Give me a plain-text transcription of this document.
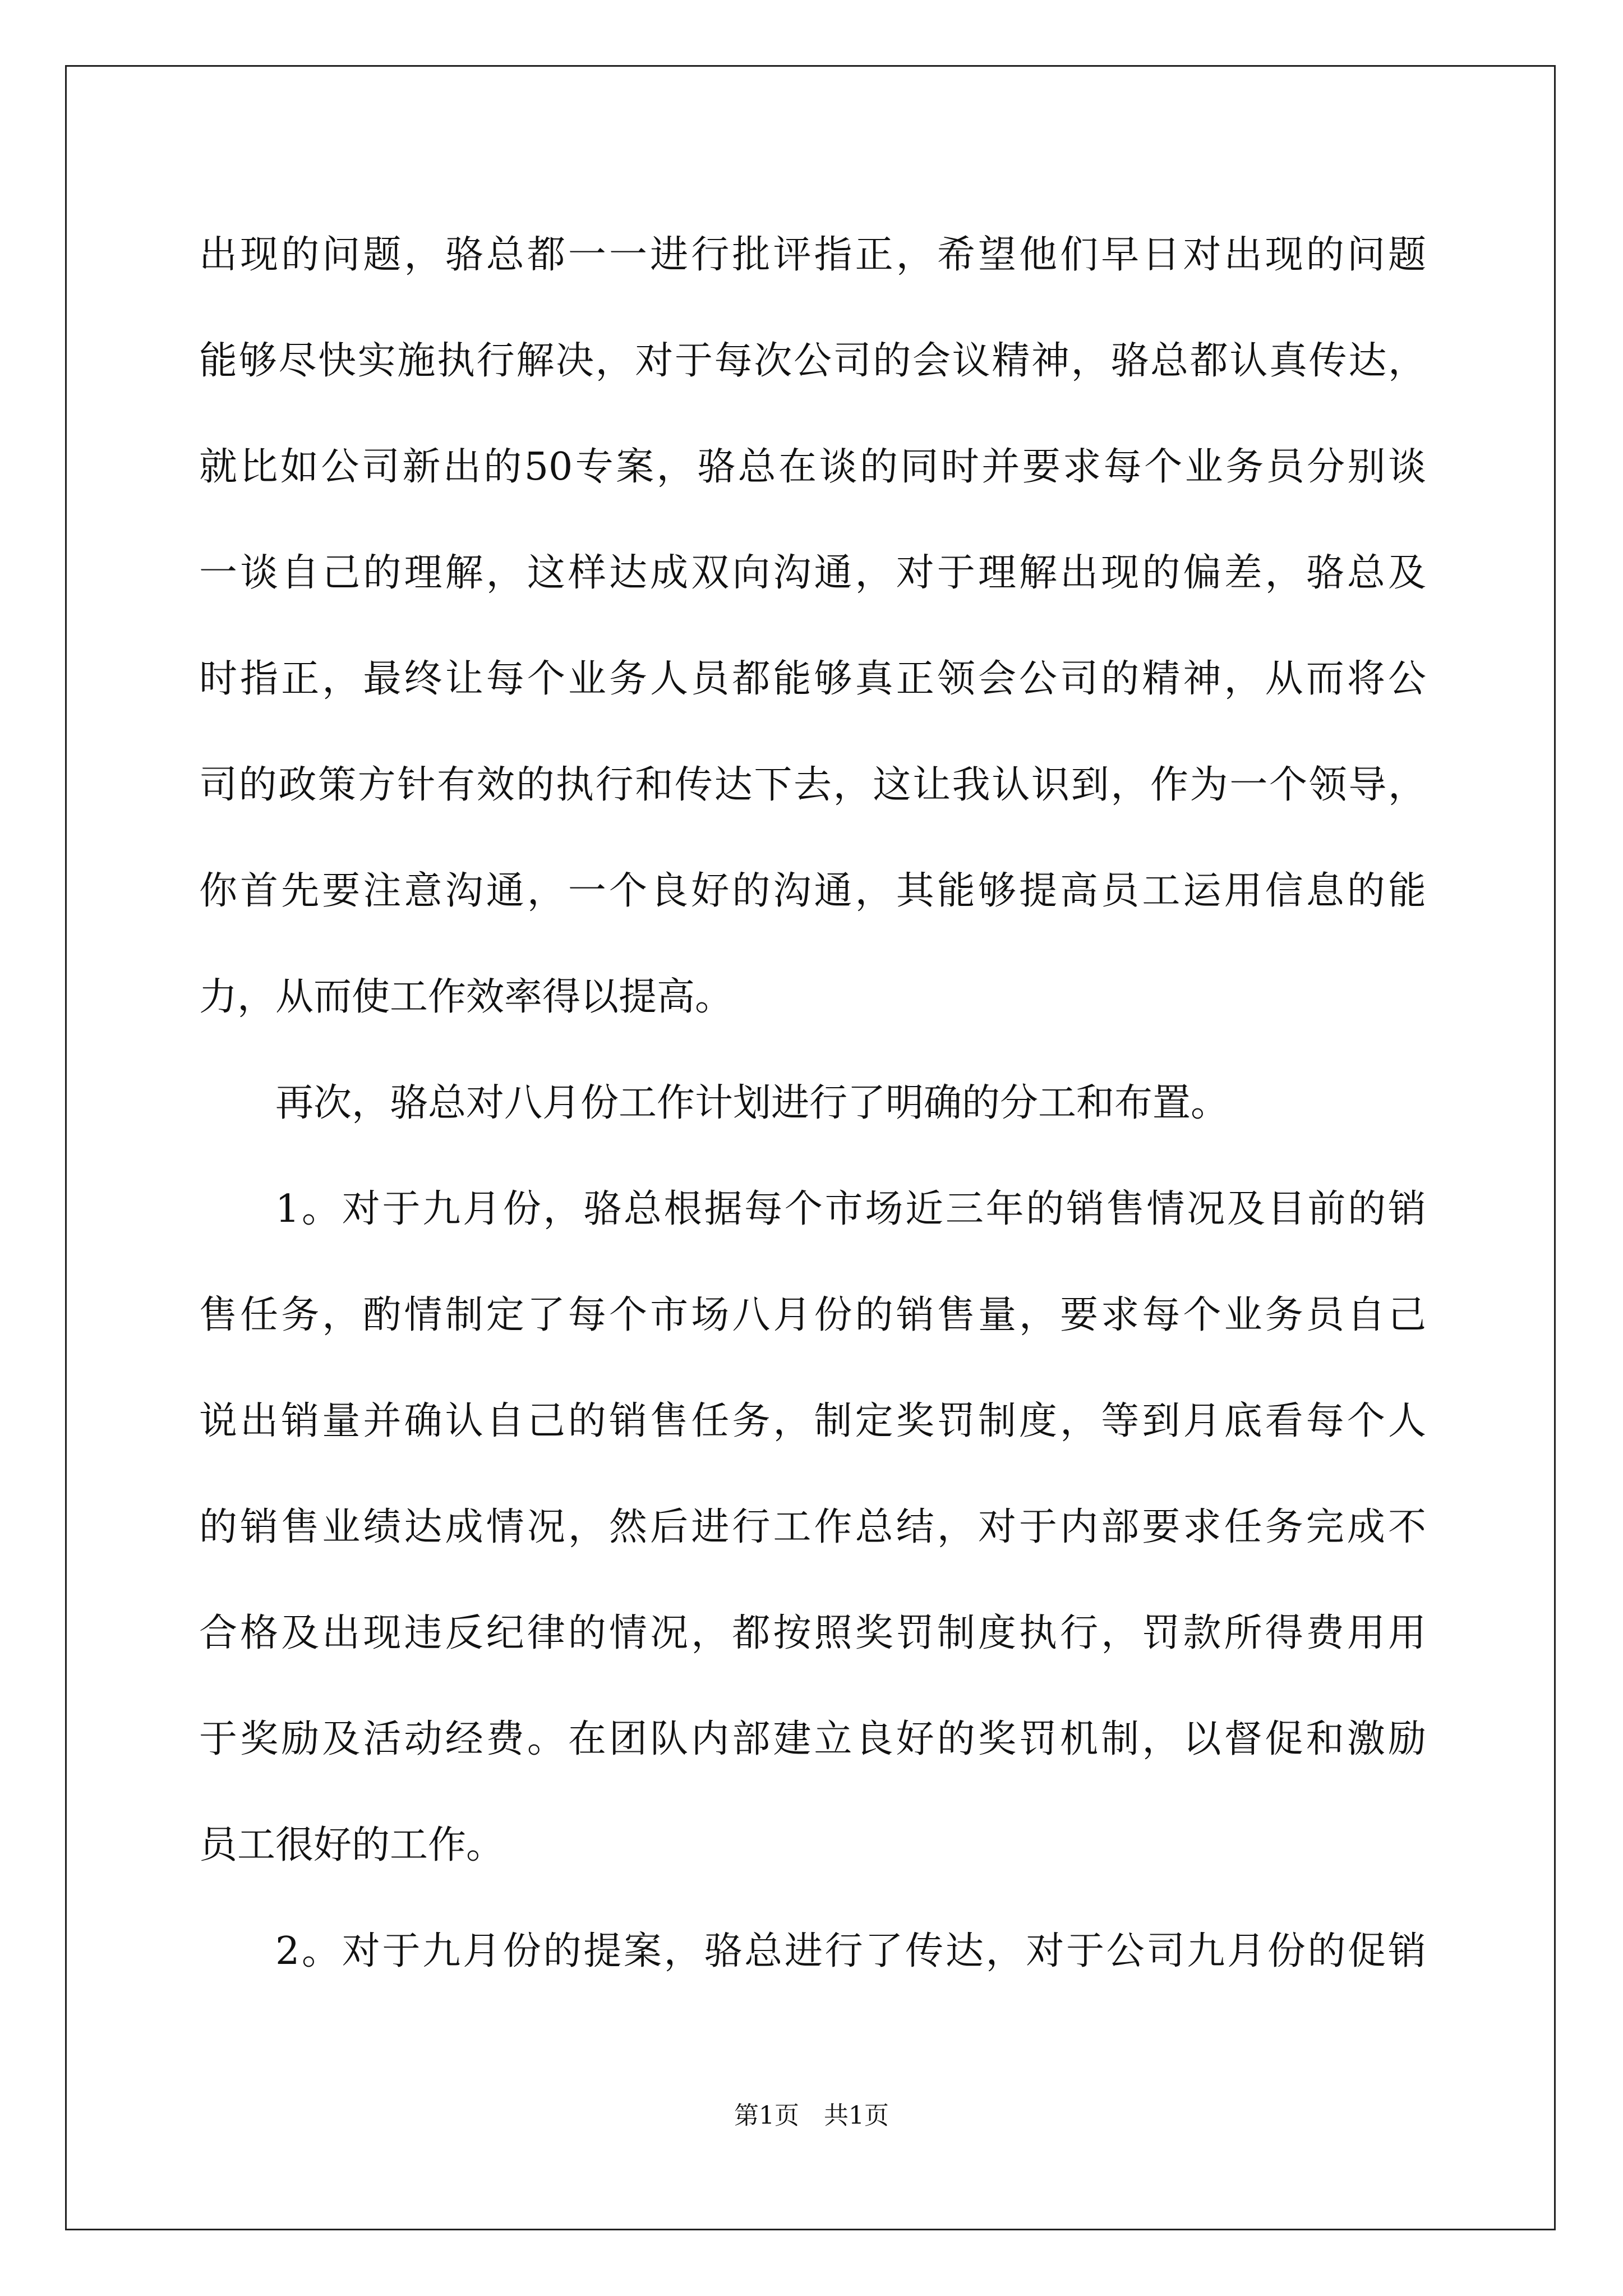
出现的问题，骆总都一一进行批评指正，希望他们早日对出现的问题
能够尽快实施执行解决，对于每次公司的会议精神，骆总都认真传达，
就比如公司新出的50专案，骆总在谈的同时并要求每个业务员分别谈
一谈自己的理解，这样达成双向沟通，对于理解出现的偏差，骆总及
时指正，最终让每个业务人员都能够真正领会公司的精神，从而将公
司的政策方针有效的执行和传达下去，这让我认识到，作为一个领导，
你首先要注意沟通，一个良好的沟通，其能够提高员工运用信息的能
力，从而使工作效率得以提高。
再次，骆总对八月份工作计划进行了明确的分工和布置。
1。对于九月份，骆总根据每个市场近三年的销售情况及目前的销
售任务，酌情制定了每个市场八月份的销售量，要求每个业务员自己
说出销量并确认自己的销售任务，制定奖罚制度，等到月底看每个人
的销售业绩达成情况，然后进行工作总结，对于内部要求任务完成不
合格及出现违反纪律的情况，都按照奖罚制度执行，罚款所得费用用
于奖励及活动经费。在团队内部建立良好的奖罚机制，以督促和激励
员工很好的工作。
2。对于九月份的提案，骆总进行了传达，对于公司九月份的促销
第1页　共1页
